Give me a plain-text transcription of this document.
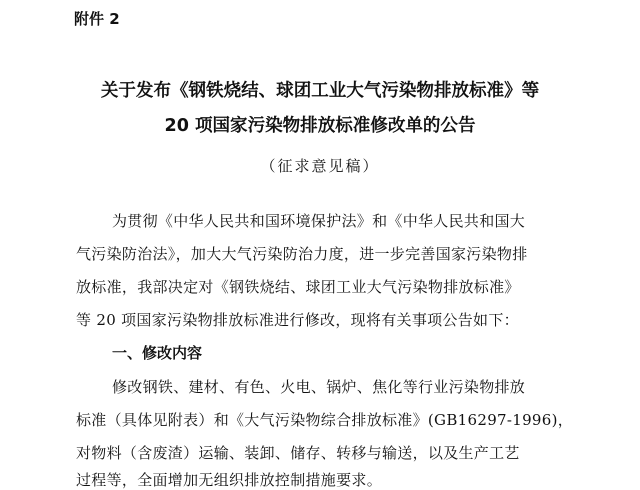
附件 2
关于发布《钢铁烧结、球团工业大气污染物排放标准》等
20 项国家污染物排放标准修改单的公告
（征求意见稿）
为贯彻《中华人民共和国环境保护法》和《中华人民共和国大
气污染防治法》，加大大气污染防治力度，进一步完善国家污染物排
放标准，我部决定对《钢铁烧结、球团工业大气污染物排放标准》
等 20 项国家污染物排放标准进行修改，现将有关事项公告如下：
一、修改内容
修改钢铁、建材、有色、火电、锅炉、焦化等行业污染物排放
标准（具体见附表）和《大气污染物综合排放标准》(GB16297-1996)，
对物料（含废渣）运输、装卸、储存、转移与输送，以及生产工艺
过程等，全面增加无组织排放控制措施要求。
